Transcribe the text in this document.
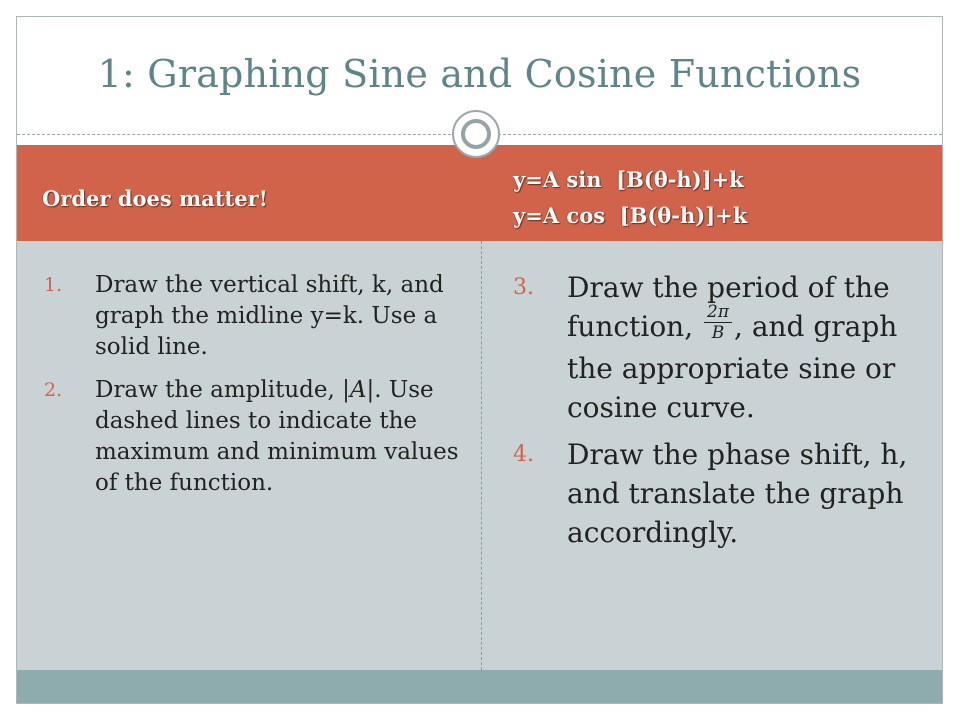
1: Graphing Sine and Cosine Functions
Order does matter!
y=A sin  [B(θ-h)]+k
y=A cos  [B(θ-h)]+k
1. Draw the vertical shift, k, and graph the midline y=k. Use a solid line.
2. Draw the amplitude, |A|. Use dashed lines to indicate the maximum and minimum values of the function.
3. Draw the period of the function, $\frac{2\pi}{B}$ , and graph the appropriate sine or cosine curve.
4. Draw the phase shift, h, and translate the graph accordingly.
